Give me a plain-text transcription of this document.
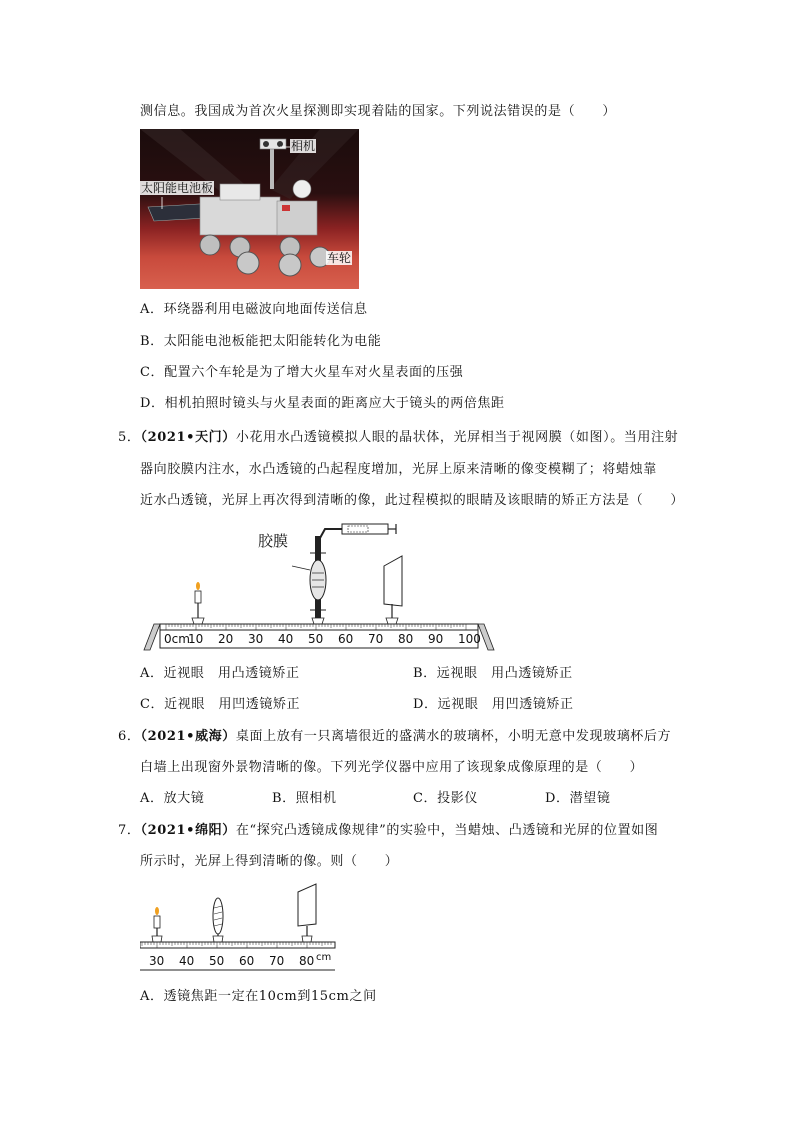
测信息。我国成为首次火星探测即实现着陆的国家。下列说法错误的是（　　）
相机
太阳能电池板
车轮
A．环绕器利用电磁波向地面传送信息
B．太阳能电池板能把太阳能转化为电能
C．配置六个车轮是为了增大火星车对火星表面的压强
D．相机拍照时镜头与火星表面的距离应大于镜头的两倍焦距
5．（2021•天门）小花用水凸透镜模拟人眼的晶状体，光屏相当于视网膜（如图）。当用注射
器向胶膜内注水，水凸透镜的凸起程度增加，光屏上原来清晰的像变模糊了；将蜡烛靠
近水凸透镜，光屏上再次得到清晰的像，此过程模拟的眼睛及该眼睛的矫正方法是（　　）
胶膜
0cm
10 20 30 40 50 60 70 80 90 100
A．近视眼　用凸透镜矫正	B．远视眼　用凸透镜矫正
C．近视眼　用凹透镜矫正	D．远视眼　用凹透镜矫正
6．（2021•威海）桌面上放有一只离墙很近的盛满水的玻璃杯，小明无意中发现玻璃杯后方
白墙上出现窗外景物清晰的像。下列光学仪器中应用了该现象成像原理的是（　　）
A．放大镜	B．照相机	C．投影仪	D．潜望镜
7．（2021•绵阳）在“探究凸透镜成像规律”的实验中，当蜡烛、凸透镜和光屏的位置如图
所示时，光屏上得到清晰的像。则（　　）
30 40 50 60 70 80 cm
A．透镜焦距一定在10cm到15cm之间
